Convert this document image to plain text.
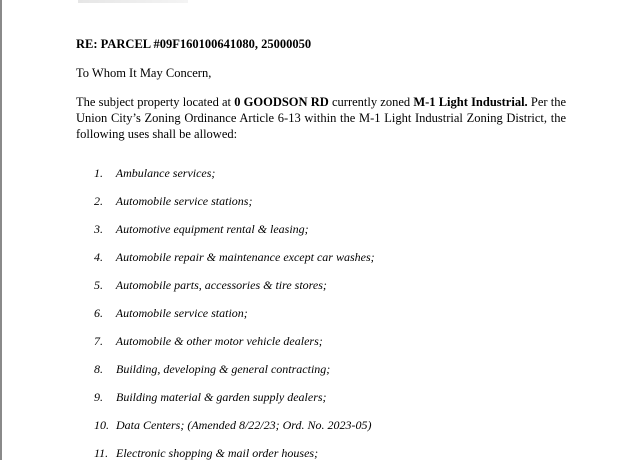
RE: PARCEL #09F160100641080, 25000050
To Whom It May Concern,
The subject property located at 0 GOODSON RD currently zoned M-1 Light Industrial. Per the
Union City’s Zoning Ordinance Article 6-13 within the M-1 Light Industrial Zoning District, the
following uses shall be allowed:
1. Ambulance services;
2. Automobile service stations;
3. Automotive equipment rental & leasing;
4. Automobile repair & maintenance except car washes;
5. Automobile parts, accessories & tire stores;
6. Automobile service station;
7. Automobile & other motor vehicle dealers;
8. Building, developing & general contracting;
9. Building material & garden supply dealers;
10. Data Centers; (Amended 8/22/23; Ord. No. 2023-05)
11. Electronic shopping & mail order houses;
